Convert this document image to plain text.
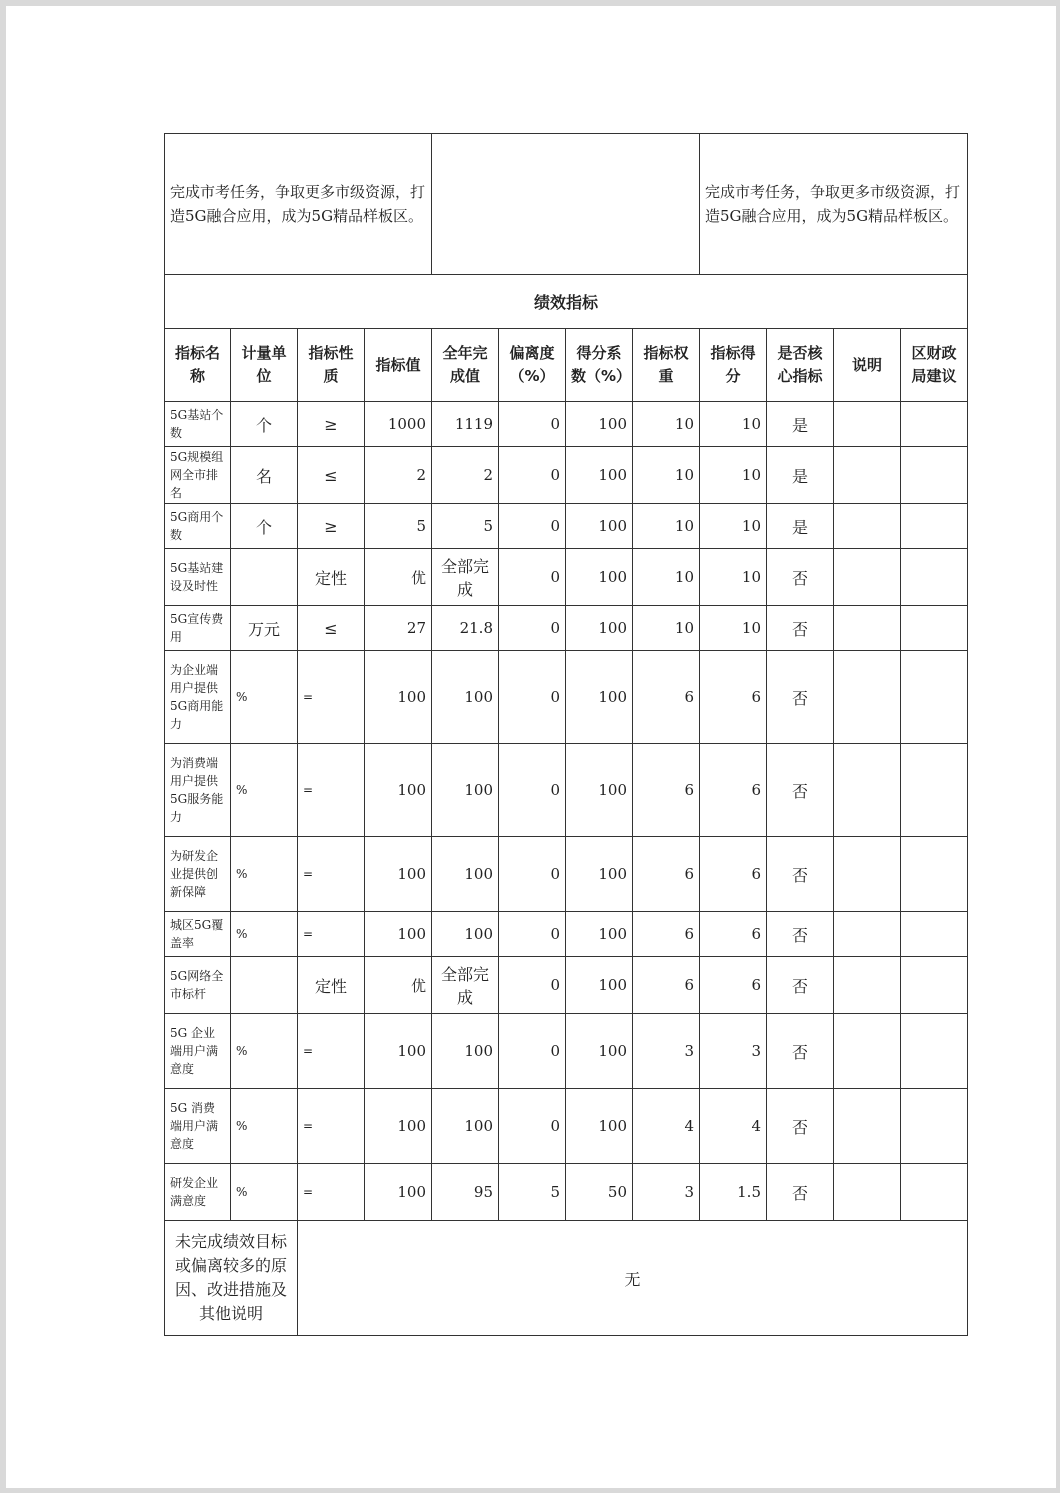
完成市考任务，争取更多市级资源，打造5G融合应用，成为5G精品样板区。								完成市考任务，争取更多市级资源，打造5G融合应用，成为5G精品样板区。			
绩效指标											
指标名称	计量单位	指标性质	指标值	全年完成值	偏离度（%）	得分系数（%）	指标权重	指标得分	是否核心指标	说明	区财政局建议
5G基站个数	个	≥	1000	1119	0	100	10	10	是		
5G规模组网全市排名	名	≤	2	2	0	100	10	10	是		
5G商用个数	个	≥	5	5	0	100	10	10	是		
5G基站建设及时性		定性	优	全部完成	0	100	10	10	否		
5G宣传费用	万元	≤	27	21.8	0	100	10	10	否		
为企业端用户提供5G商用能力	%	=	100	100	0	100	6	6	否		
为消费端用户提供5G服务能力	%	=	100	100	0	100	6	6	否		
为研发企业提供创新保障	%	=	100	100	0	100	6	6	否		
城区5G覆盖率	%	=	100	100	0	100	6	6	否		
5G网络全市标杆		定性	优	全部完成	0	100	6	6	否		
5G 企业端用户满意度	%	=	100	100	0	100	3	3	否		
5G 消费端用户满意度	%	=	100	100	0	100	4	4	否		
研发企业满意度	%	=	100	95	5	50	3	1.5	否		
未完成绩效目标或偏离较多的原因、改进措施及其他说明		无									
